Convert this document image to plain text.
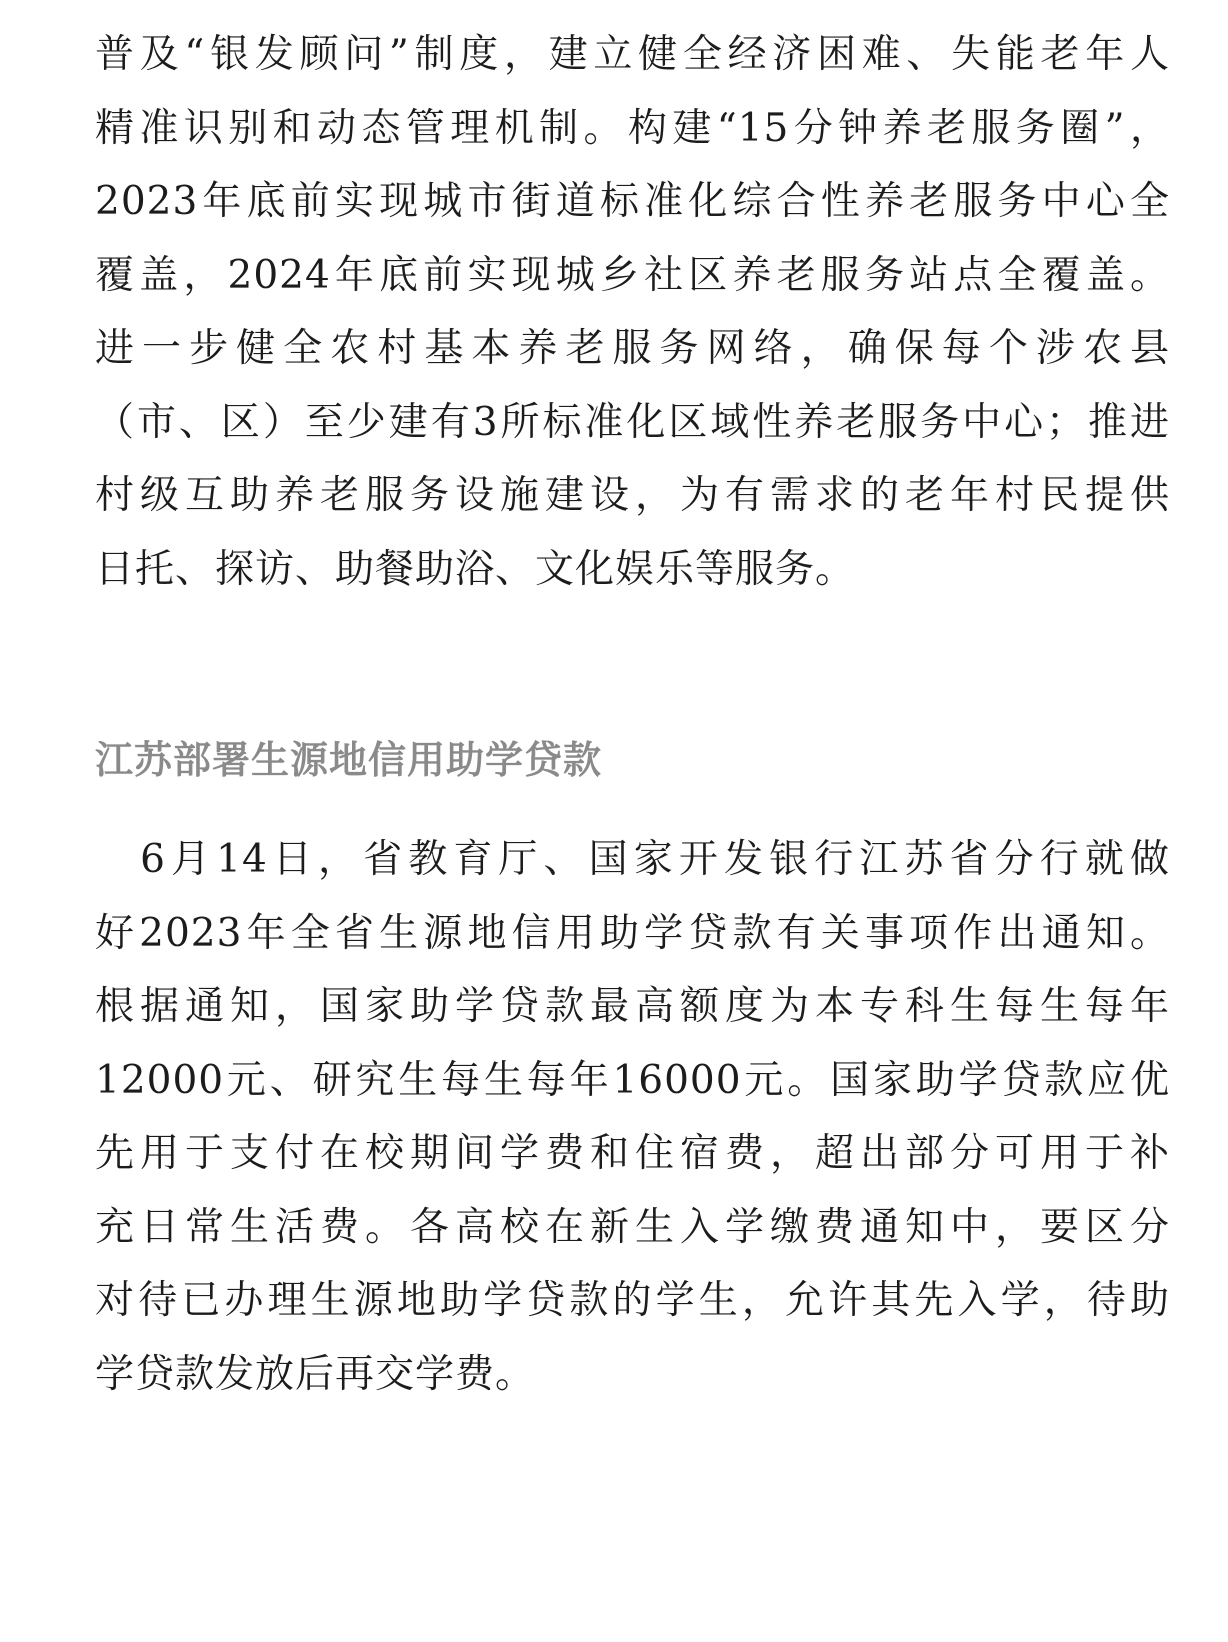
普及“银发顾问”制度，建立健全经济困难、失能老年人
精准识别和动态管理机制。构建“15分钟养老服务圈”，
2023年底前实现城市街道标准化综合性养老服务中心全
覆盖，2024年底前实现城乡社区养老服务站点全覆盖。
进一步健全农村基本养老服务网络，确保每个涉农县
（市、区）至少建有3所标准化区域性养老服务中心；推进
村级互助养老服务设施建设，为有需求的老年村民提供
日托、探访、助餐助浴、文化娱乐等服务。
江苏部署生源地信用助学贷款
　6月14日，省教育厅、国家开发银行江苏省分行就做
好2023年全省生源地信用助学贷款有关事项作出通知。
根据通知，国家助学贷款最高额度为本专科生每生每年
12000元、研究生每生每年16000元。国家助学贷款应优
先用于支付在校期间学费和住宿费，超出部分可用于补
充日常生活费。各高校在新生入学缴费通知中，要区分
对待已办理生源地助学贷款的学生，允许其先入学，待助
学贷款发放后再交学费。
